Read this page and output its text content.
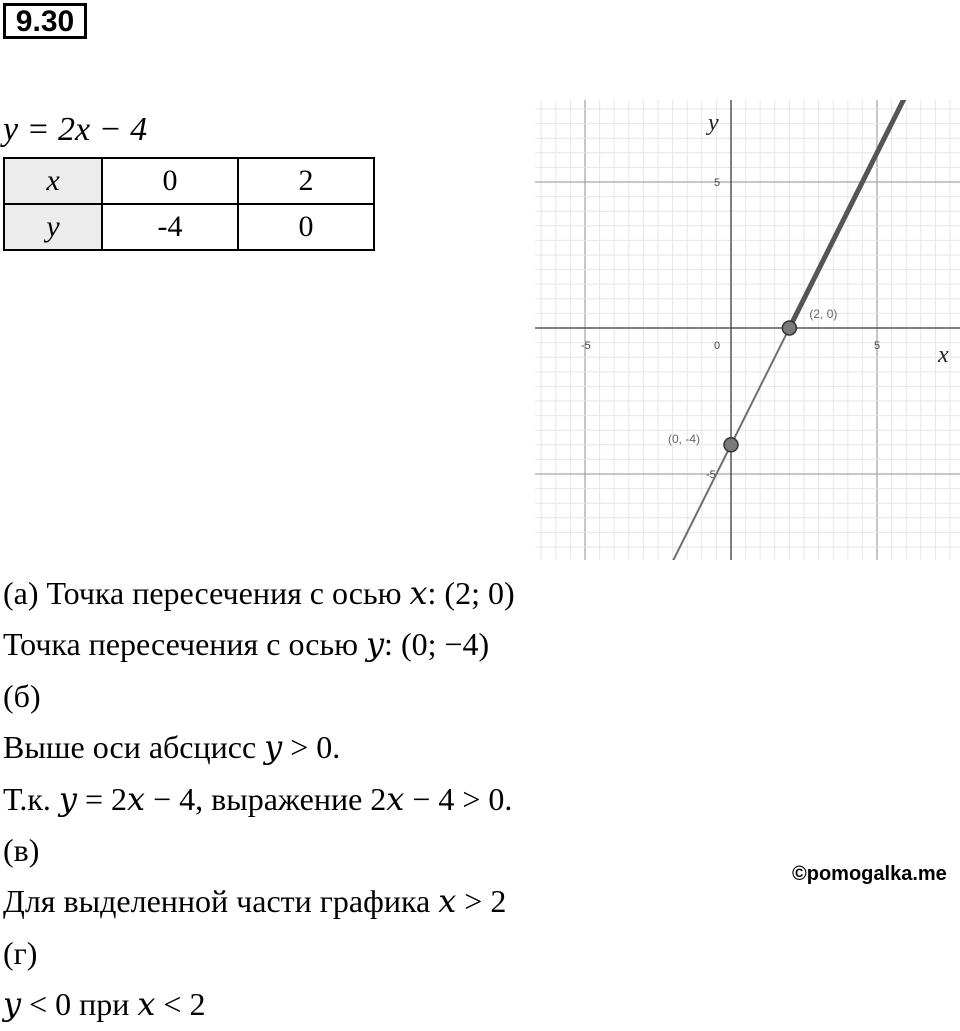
9.30
y = 2x − 4
x	0	2
y	-4	0
-5	0	5
5
-5
x
y
(2, 0)
(0, -4)
(а) Точка пересечения с осью 𝑥: (2; 0)
Точка пересечения с осью 𝑦: (0; −4)
(б)
Выше оси абсцисс 𝑦 > 0.
Т.к. 𝑦 = 2𝑥 − 4, выражение 2𝑥 − 4 > 0.
(в)
Для выделенной части графика 𝑥 > 2
(г)
𝑦 < 0 при 𝑥 < 2
©pomogalka.me
